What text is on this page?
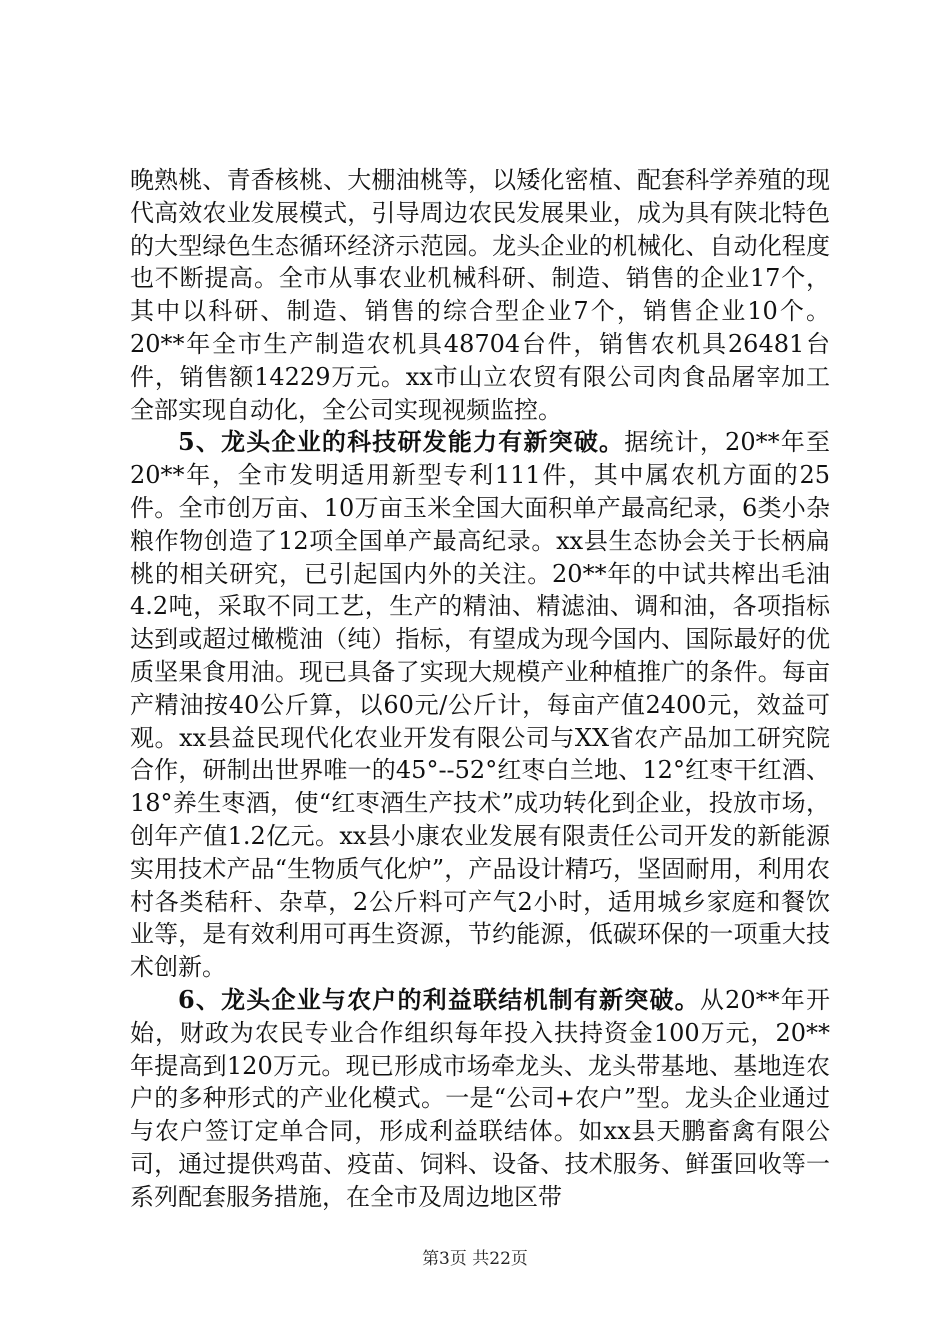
晚熟桃、青香核桃、大棚油桃等，以矮化密植、配套科学养殖的现代高效农业发展模式，引导周边农民发展果业，成为具有陕北特色的大型绿色生态循环经济示范园。龙头企业的机械化、自动化程度也不断提高。全市从事农业机械科研、制造、销售的企业17个，其中以科研、制造、销售的综合型企业7个，销售企业10个。20**年全市生产制造农机具48704台件，销售农机具26481台件，销售额14229万元。xx市山立农贸有限公司肉食品屠宰加工全部实现自动化，全公司实现视频监控。

5、龙头企业的科技研发能力有新突破。据统计，20**年至20**年，全市发明适用新型专利111件，其中属农机方面的25件。全市创万亩、10万亩玉米全国大面积单产最高纪录，6类小杂粮作物创造了12项全国单产最高纪录。xx县生态协会关于长柄扁桃的相关研究，已引起国内外的关注。20**年的中试共榨出毛油4.2吨，采取不同工艺，生产的精油、精滤油、调和油，各项指标达到或超过橄榄油（纯）指标，有望成为现今国内、国际最好的优质坚果食用油。现已具备了实现大规模产业种植推广的条件。每亩产精油按40公斤算，以60元/公斤计，每亩产值2400元，效益可观。xx县益民现代化农业开发有限公司与XX省农产品加工研究院合作，研制出世界唯一的45°--52°红枣白兰地、12°红枣干红酒、18°养生枣酒，使“红枣酒生产技术”成功转化到企业，投放市场，创年产值1.2亿元。xx县小康农业发展有限责任公司开发的新能源实用技术产品“生物质气化炉”，产品设计精巧，坚固耐用，利用农村各类秸秆、杂草，2公斤料可产气2小时，适用城乡家庭和餐饮业等，是有效利用可再生资源，节约能源，低碳环保的一项重大技术创新。

6、龙头企业与农户的利益联结机制有新突破。从20**年开始，财政为农民专业合作组织每年投入扶持资金100万元，20**年提高到120万元。现已形成市场牵龙头、龙头带基地、基地连农户的多种形式的产业化模式。一是“公司+农户”型。龙头企业通过与农户签订定单合同，形成利益联结体。如xx县天鹏畜禽有限公司，通过提供鸡苗、疫苗、饲料、设备、技术服务、鲜蛋回收等一系列配套服务措施，在全市及周边地区带

第3页 共22页
